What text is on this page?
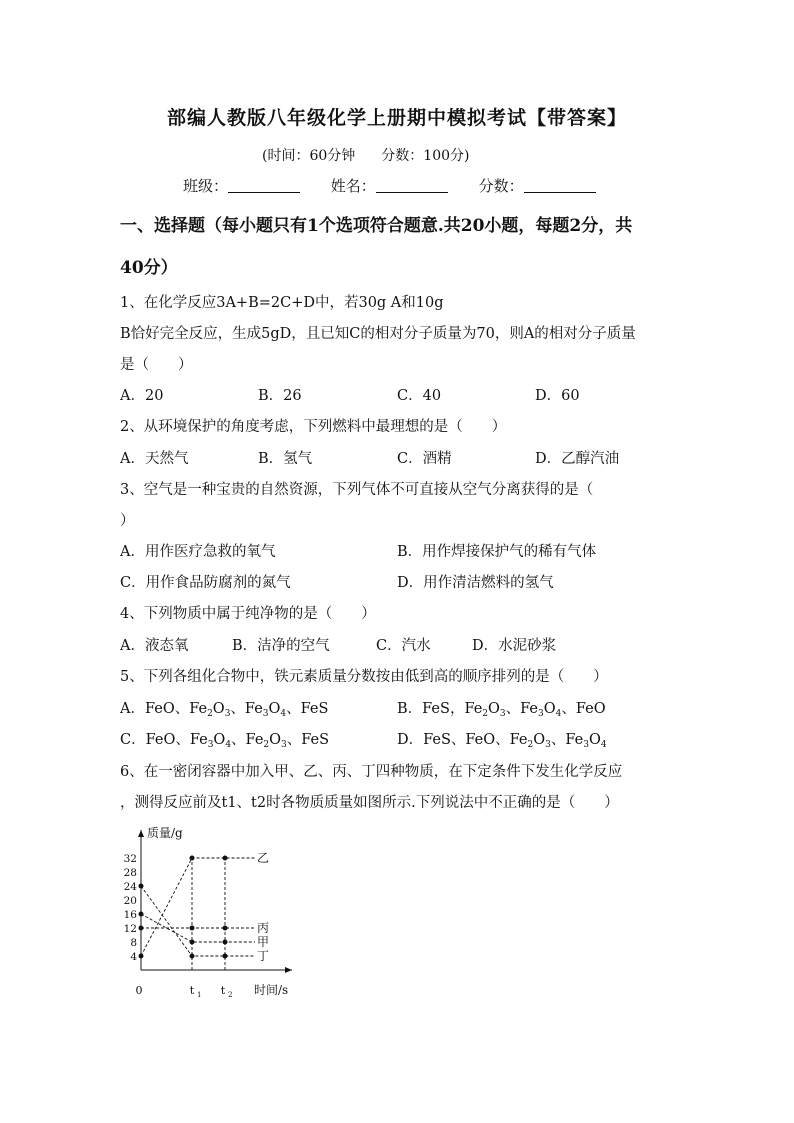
部编人教版八年级化学上册期中模拟考试【带答案】
(时间：60分钟 分数：100分)
班级：	姓名：	分数：
一、选择题（每小题只有1个选项符合题意.共20小题，每题2分，共
40分）
1、在化学反应3A+B=2C+D中，若30g A和10g
B恰好完全反应，生成5gD，且已知C的相对分子质量为70，则A的相对分子质量
是（　　）
A．20	B．26	C．40	D．60
2、从环境保护的角度考虑，下列燃料中最理想的是（　　）
A．天然气	B．氢气	C．酒精	D．乙醇汽油
3、空气是一种宝贵的自然资源，下列气体不可直接从空气分离获得的是（
）
A．用作医疗急救的氧气	B．用作焊接保护气的稀有气体
C．用作食品防腐剂的氮气	D．用作清洁燃料的氢气
4、下列物质中属于纯净物的是（　　）
A．液态氧	B．洁净的空气	C．汽水	D．水泥砂浆
5、下列各组化合物中，铁元素质量分数按由低到高的顺序排列的是（　　）
A．FeO、$Fe_2O_3$、$Fe_3O_4$、FeS	B．FeS，$Fe_2O_3$、$Fe_3O_4$、FeO
C．FeO、$Fe_3O_4$、$Fe_2O_3$、FeS	D．FeS、FeO、$Fe_2O_3$、$Fe_3O_4$
6、在一密闭容器中加入甲、乙、丙、丁四种物质，在下定条件下发生化学反应
，测得反应前及t1、t2时各物质质量如图所示.下列说法中不正确的是（　　）
质量/g
时间/s
4
8
12
16
20
24
28
32
0	t 1 t 2
乙
丙
甲
丁
